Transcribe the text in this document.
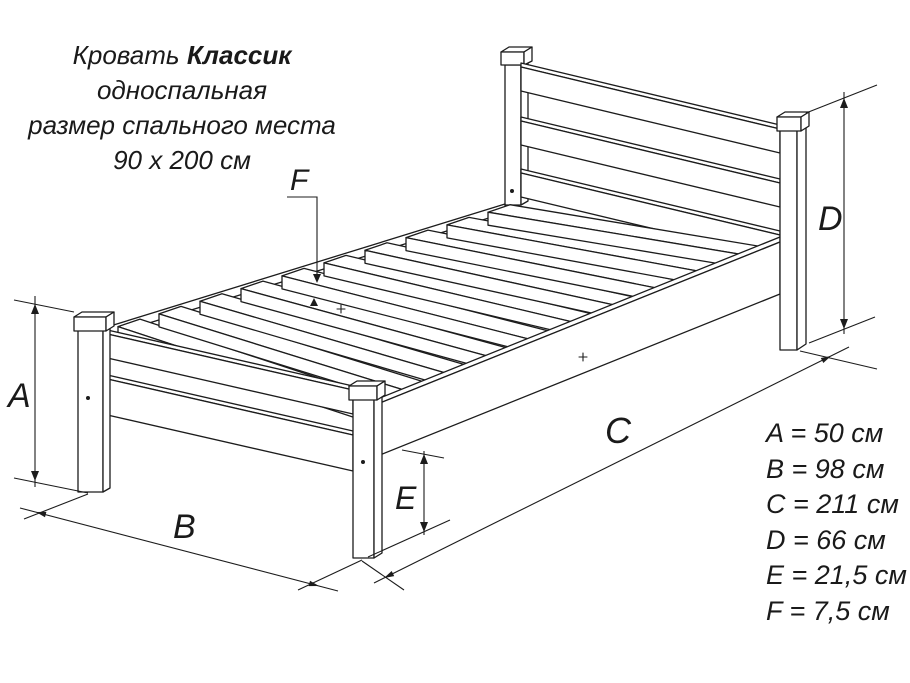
Кровать Классик
односпальная
размер спального места
90 х 200 см
A
B
C
D
E
F
A = 50 см
B = 98 см
C = 211 см
D = 66 см
E = 21,5 см
F = 7,5 см
